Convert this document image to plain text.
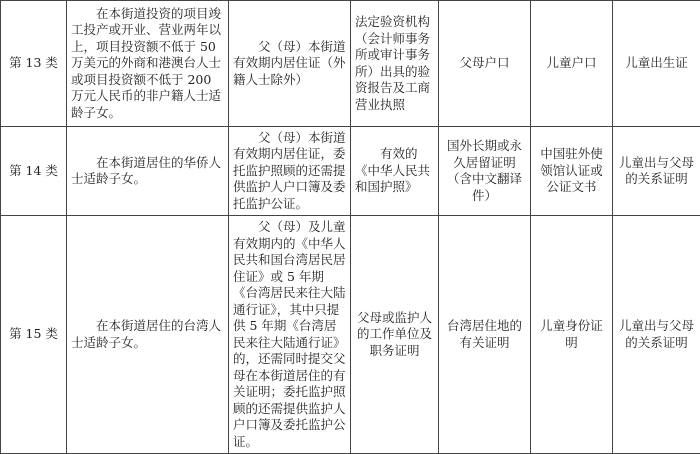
第 13 类	在本街道投资的项目竣工投产或开业、营业两年以上，项目投资额不低于 50 万美元的外商和港澳台人士或项目投资额不低于 200 万元人民币的非户籍人士适龄子女。	父（母）本街道有效期内居住证（外籍人士除外）	法定验资机构（会计师事务所或审计事务所）出具的验资报告及工商营业执照	父母户口	儿童户口	儿童出生证
第 14 类	在本街道居住的华侨人士适龄子女。	父（母）本街道有效期内居住证，委托监护照顾的还需提供监护人户口簿及委托监护公证。	有效的《中华人民共和国护照》	国外长期或永久居留证明（含中文翻译件）	中国驻外使领馆认证或公证文书	儿童出与父母的关系证明
第 15 类	在本街道居住的台湾人士适龄子女。	父（母）及儿童有效期内的《中华人民共和国台湾居民居住证》或 5 年期《台湾居民来往大陆通行证》，其中只提供 5 年期《台湾居民来往大陆通行证》的，还需同时提交父母在本街道居住的有关证明；委托监护照顾的还需提供监护人户口簿及委托监护公证。	父母或监护人的工作单位及职务证明	台湾居住地的有关证明	儿童身份证明	儿童出与父母的关系证明
